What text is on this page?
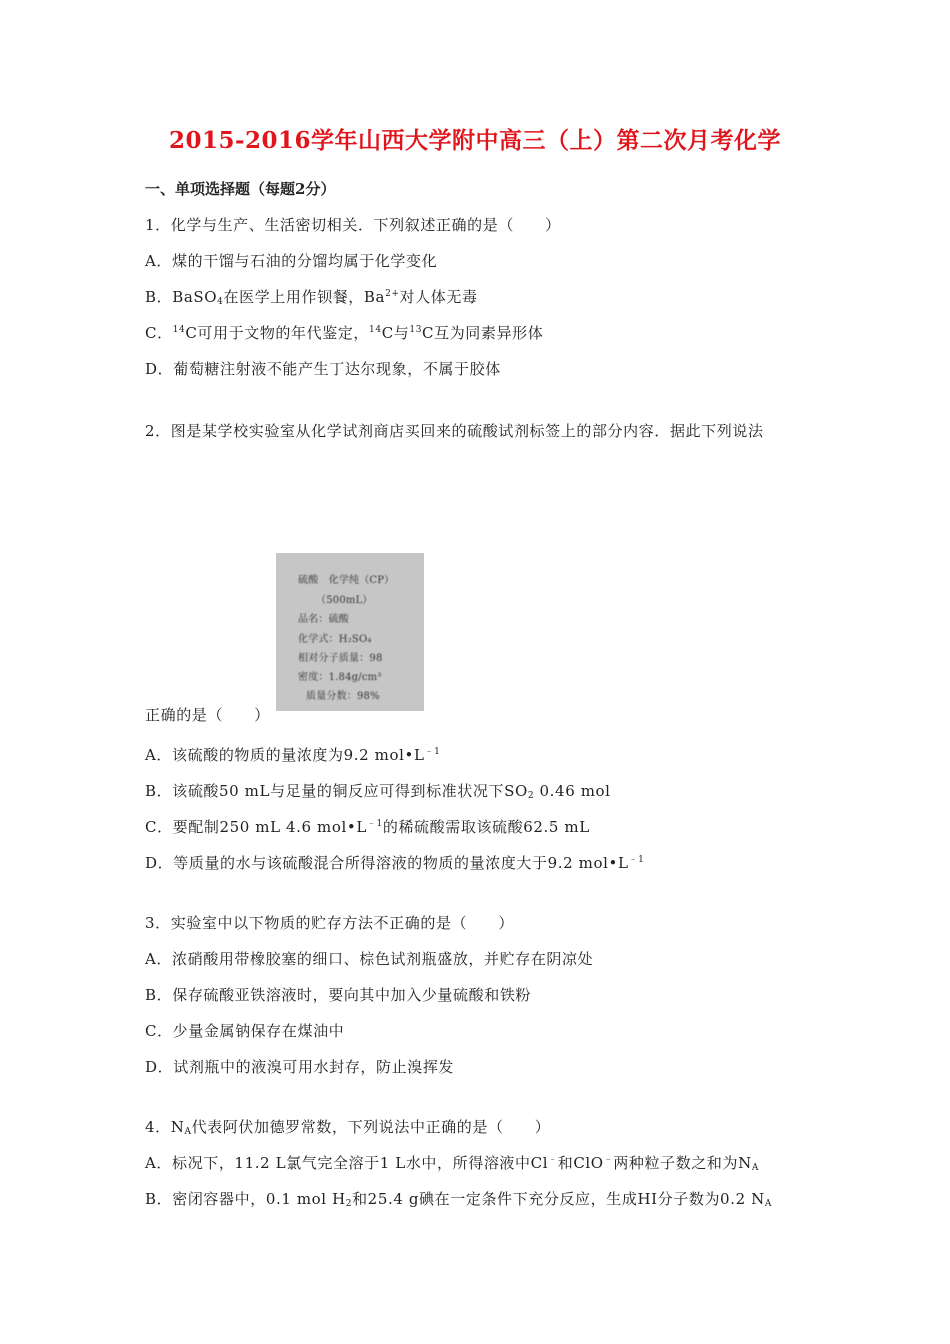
2015-2016学年山西大学附中高三（上）第二次月考化学
一、单项选择题（每题2分）
1．化学与生产、生活密切相关．下列叙述正确的是（　　）
A．煤的干馏与石油的分馏均属于化学变化
B．BaSO$_4$在医学上用作钡餐，$Ba^{2+}$对人体无毒
C．$^{14}$C可用于文物的年代鉴定，$^{14}$C与$^{13}$C互为同素异形体
D．葡萄糖注射液不能产生丁达尔现象，不属于胶体
2．图是某学校实验室从化学试剂商店买回来的硫酸试剂标签上的部分内容．据此下列说法
硫酸　化学纯（CP）
（500mL）
品名：硫酸
化学式：H₂SO₄
相对分子质量：98
密度：1.84g/cm³
质量分数：98%
正确的是（　　）
A．该硫酸的物质的量浓度为9.2 $mol•L^{﹣1}$
B．该硫酸50 mL与足量的铜反应可得到标准状况下$SO_2$ 0.46 mol
C．要配制250 mL 4.6 $mol•L^{﹣1}$的稀硫酸需取该硫酸62.5 mL
D．等质量的水与该硫酸混合所得溶液的物质的量浓度大于9.2 $mol•L^{﹣1}$
3．实验室中以下物质的贮存方法不正确的是（　　）
A．浓硝酸用带橡胶塞的细口、棕色试剂瓶盛放，并贮存在阴凉处
B．保存硫酸亚铁溶液时，要向其中加入少量硫酸和铁粉
C．少量金属钠保存在煤油中
D．试剂瓶中的液溴可用水封存，防止溴挥发
4．$N_A$代表阿伏加德罗常数，下列说法中正确的是（　　）
A．标况下，11.2 L氯气完全溶于1 L水中，所得溶液中Cl﹣和ClO﹣两种粒子数之和为$N_A$
B．密闭容器中，0.1 mol $H_2$和25.4 g碘在一定条件下充分反应，生成HI分子数为0.2 $N_A$
